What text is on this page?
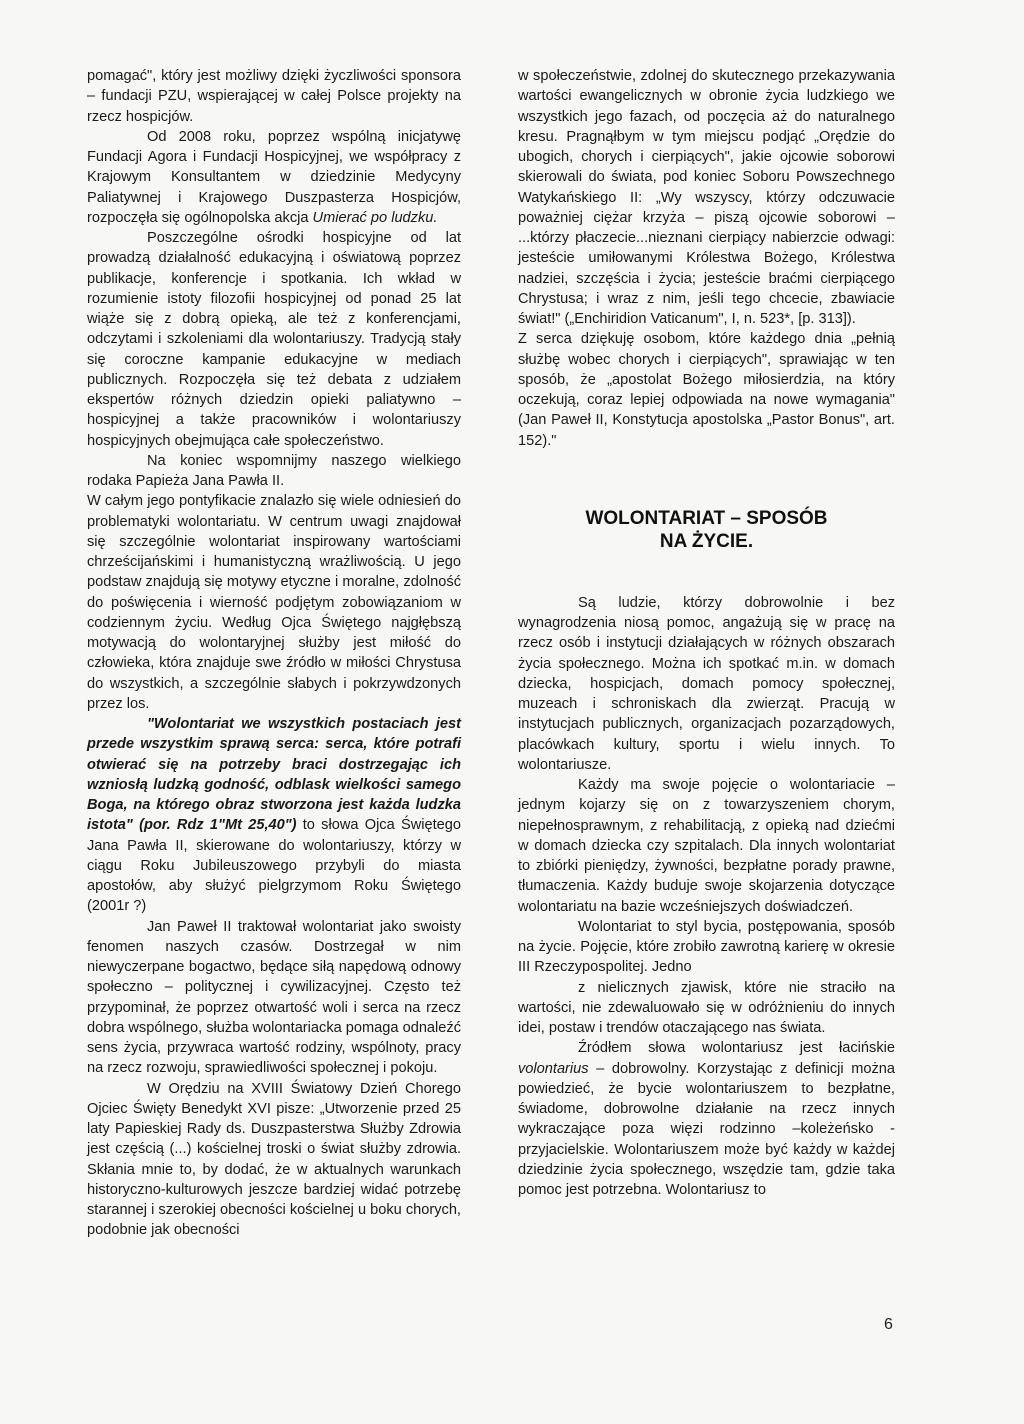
pomagać", który jest możliwy dzięki życzliwości sponsora – fundacji PZU, wspierającej w całej Polsce projekty na rzecz hospicjów.

Od 2008 roku, poprzez wspólną inicjatywę Fundacji Agora i Fundacji Hospicyjnej, we współpracy z Krajowym Konsultantem w dziedzinie Medycyny Paliatywnej i Krajowego Duszpasterza Hospicjów, rozpoczęła się ogólnopolska akcja Umierać po ludzku.

Poszczególne ośrodki hospicyjne od lat prowadzą działalność edukacyjną i oświatową poprzez publikacje, konferencje i spotkania. Ich wkład w rozumienie istoty filozofii hospicyjnej od ponad 25 lat wiąże się z dobrą opieką, ale też z konferencjami, odczytami i szkoleniami dla wolontariuszy. Tradycją stały się coroczne kampanie edukacyjne w mediach publicznych. Rozpoczęła się też debata z udziałem ekspertów różnych dziedzin opieki paliatywno – hospicyjnej a także pracowników i wolontariuszy hospicyjnych obejmująca całe społeczeństwo.

Na koniec wspomnijmy naszego wielkiego rodaka Papieża Jana Pawła II.

W całym jego pontyfikacie znalazło się wiele odniesień do problematyki wolontariatu. W centrum uwagi znajdował się szczególnie wolontariat inspirowany wartościami chrześcijańskimi i humanistyczną wrażliwością. U jego podstaw znajdują się motywy etyczne i moralne, zdolność do poświęcenia i wierność podjętym zobowiązaniom w codziennym życiu. Według Ojca Świętego najgłębszą motywacją do wolontaryjnej służby jest miłość do człowieka, która znajduje swe źródło w miłości Chrystusa do wszystkich, a szczególnie słabych i pokrzywdzonych przez los.

"Wolontariat we wszystkich postaciach jest przede wszystkim sprawą serca: serca, które potrafi otwierać się na potrzeby braci dostrzegając ich wzniosłą ludzką godność, odblask wielkości samego Boga, na którego obraz stworzona jest każda ludzka istota" (por. Rdz 1"Mt 25,40") to słowa Ojca Świętego Jana Pawła II, skierowane do wolontariuszy, którzy w ciągu Roku Jubileuszowego przybyli do miasta apostołów, aby służyć pielgrzymom Roku Świętego (2001r ?)

Jan Paweł II traktował wolontariat jako swoisty fenomen naszych czasów. Dostrzegał w nim niewyczerpane bogactwo, będące siłą napędową odnowy społeczno – politycznej i cywilizacyjnej. Często też przypominał, że poprzez otwartość woli i serca na rzecz dobra wspólnego, służba wolontariacka pomaga odnaleźć sens życia, przywraca wartość rodziny, wspólnoty, pracy na rzecz rozwoju, sprawiedliwości społecznej i pokoju.

W Orędziu na XVIII Światowy Dzień Chorego Ojciec Święty Benedykt XVI pisze: „Utworzenie przed 25 laty Papieskiej Rady ds. Duszpasterstwa Służby Zdrowia jest częścią (...) kościelnej troski o świat służby zdrowia. Skłania mnie to, by dodać, że w aktualnych warunkach historyczno-kulturowych jeszcze bardziej widać potrzebę starannej i szerokiej obecności kościelnej u boku chorych, podobnie jak obecności

w społeczeństwie, zdolnej do skutecznego przekazywania wartości ewangelicznych w obronie życia ludzkiego we wszystkich jego fazach, od poczęcia aż do naturalnego kresu. Pragnąłbym w tym miejscu podjąć „Orędzie do ubogich, chorych i cierpiących", jakie ojcowie soborowi skierowali do świata, pod koniec Soboru Powszechnego Watykańskiego II: „Wy wszyscy, którzy odczuwacie poważniej ciężar krzyża – piszą ojcowie soborowi – ...którzy płaczecie...nieznani cierpiący nabierzcie odwagi: jesteście umiłowanymi Królestwa Bożego, Królestwa nadziei, szczęścia i życia; jesteście braćmi cierpiącego Chrystusa; i wraz z nim, jeśli tego chcecie, zbawiacie świat!" („Enchiridion Vaticanum", I, n. 523*, [p. 313]).

Z serca dziękuję osobom, które każdego dnia „pełnią służbę wobec chorych i cierpiących", sprawiając w ten sposób, że „apostolat Bożego miłosierdzia, na który oczekują, coraz lepiej odpowiada na nowe wymagania" (Jan Paweł II, Konstytucja apostolska „Pastor Bonus", art. 152)."

WOLONTARIAT – SPOSÓB
NA ŻYCIE.

Są ludzie, którzy dobrowolnie i bez wynagrodzenia niosą pomoc, angażują się w pracę na rzecz osób i instytucji działających w różnych obszarach życia społecznego. Można ich spotkać m.in. w domach dziecka, hospicjach, domach pomocy społecznej, muzeach i schroniskach dla zwierząt. Pracują w instytucjach publicznych, organizacjach pozarządowych, placówkach kultury, sportu i wielu innych. To wolontariusze.

Każdy ma swoje pojęcie o wolontariacie – jednym kojarzy się on z towarzyszeniem chorym, niepełnosprawnym, z rehabilitacją, z opieką nad dziećmi w domach dziecka czy szpitalach. Dla innych wolontariat to zbiórki pieniędzy, żywności, bezpłatne porady prawne, tłumaczenia. Każdy buduje swoje skojarzenia dotyczące wolontariatu na bazie wcześniejszych doświadczeń.

Wolontariat to styl bycia, postępowania, sposób na życie. Pojęcie, które zrobiło zawrotną karierę w okresie III Rzeczypospolitej. Jedno

z nielicznych zjawisk, które nie straciło na wartości, nie zdewaluowało się w odróżnieniu do innych idei, postaw i trendów otaczającego nas świata.

Źródłem słowa wolontariusz jest łacińskie volontarius – dobrowolny. Korzystając z definicji można powiedzieć, że bycie wolontariuszem to bezpłatne, świadome, dobrowolne działanie na rzecz innych wykraczające poza więzi rodzinno –koleżeńsko - przyjacielskie. Wolontariuszem może być każdy w każdej dziedzinie życia społecznego, wszędzie tam, gdzie taka pomoc jest potrzebna. Wolontariusz to

6
